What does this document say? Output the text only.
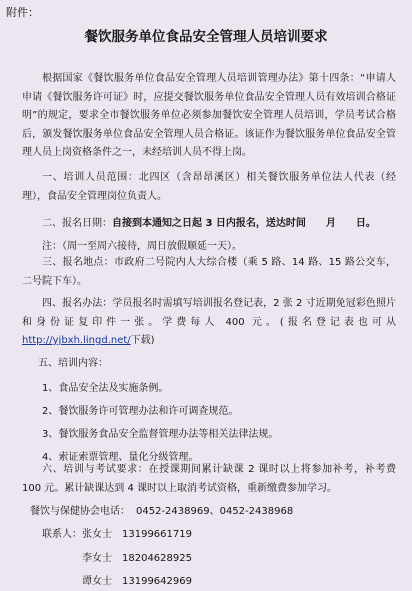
附件：
餐饮服务单位食品安全管理人员培训要求
根据国家《餐饮服务单位食品安全管理人员培训管理办法》第十四条：“申请人申请《餐饮服务许可证》时，应提交餐饮服务单位食品安全管理人员有效培训合格证明”的规定，要求全市餐饮服务单位必须参加餐饮安全管理人员培训，学员考试合格后，颁发餐饮服务单位食品安全管理人员合格证。该证作为餐饮服务单位食品安全管理人员上岗资格条件之一，未经培训人员不得上岗。
一、培训人员范围：北四区（含昂昂溪区）相关餐饮服务单位法人代表（经理），食品安全管理岗位负责人。
二、报名日期：自接到本通知之日起 3 日内报名，送达时间　　月　　日。
注：（周一至周六接待，周日放假顺延一天）。
三、报名地点：市政府二号院内人大综合楼（乘 5 路、14 路、15 路公交车，二号院下车）。
四、报名办法：学员报名时需填写培训报名登记表，2 张 2 寸近期免冠彩色照片和身份证复印件一张。学费每人 400 元。(报名登记表也可从http://yjbxh.lingd.net/下载)
五、培训内容：
1、食品安全法及实施条例。
2、餐饮服务许可管理办法和许可调查规范。
3、餐饮服务食品安全监督管理办法等相关法律法规。
4、索证索票管理、量化分级管理。
六、培训与考试要求：在授课期间累计缺课 2 课时以上将参加补考，补考费 100 元。累计缺课达到 4 课时以上取消考试资格，重新缴费参加学习。
餐饮与保健协会电话： 0452-2438969、0452-2438968
联系人：张女士 13199661719
李女士 18204628925
谭女士 13199642969
